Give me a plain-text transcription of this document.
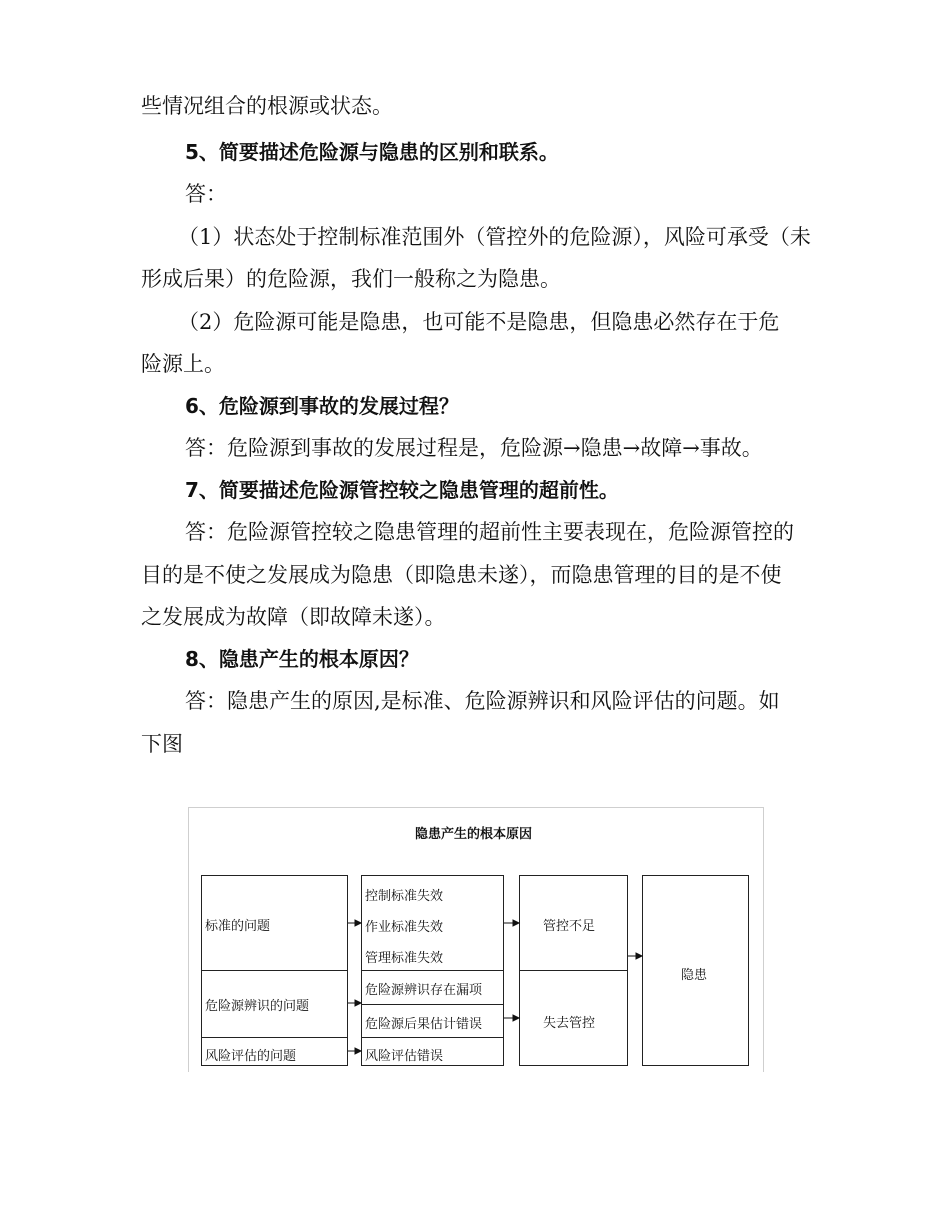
些情况组合的根源或状态。
5、简要描述危险源与隐患的区别和联系。
答：
（1）状态处于控制标准范围外（管控外的危险源），风险可承受（未
形成后果）的危险源，我们一般称之为隐患。
（2）危险源可能是隐患，也可能不是隐患，但隐患必然存在于危
险源上。
6、危险源到事故的发展过程？
答：危险源到事故的发展过程是，危险源→隐患→故障→事故。
7、简要描述危险源管控较之隐患管理的超前性。
答：危险源管控较之隐患管理的超前性主要表现在，危险源管控的
目的是不使之发展成为隐患（即隐患未遂），而隐患管理的目的是不使
之发展成为故障（即故障未遂）。
8、隐患产生的根本原因？
答：隐患产生的原因,是标准、危险源辨识和风险评估的问题。如
下图
隐患产生的根本原因
标准的问题
危险源辨识的问题
风险评估的问题
控制标准失效
作业标准失效
管理标准失效
危险源辨识存在漏项
危险源后果估计错误
风险评估错误
管控不足
失去管控
隐患
